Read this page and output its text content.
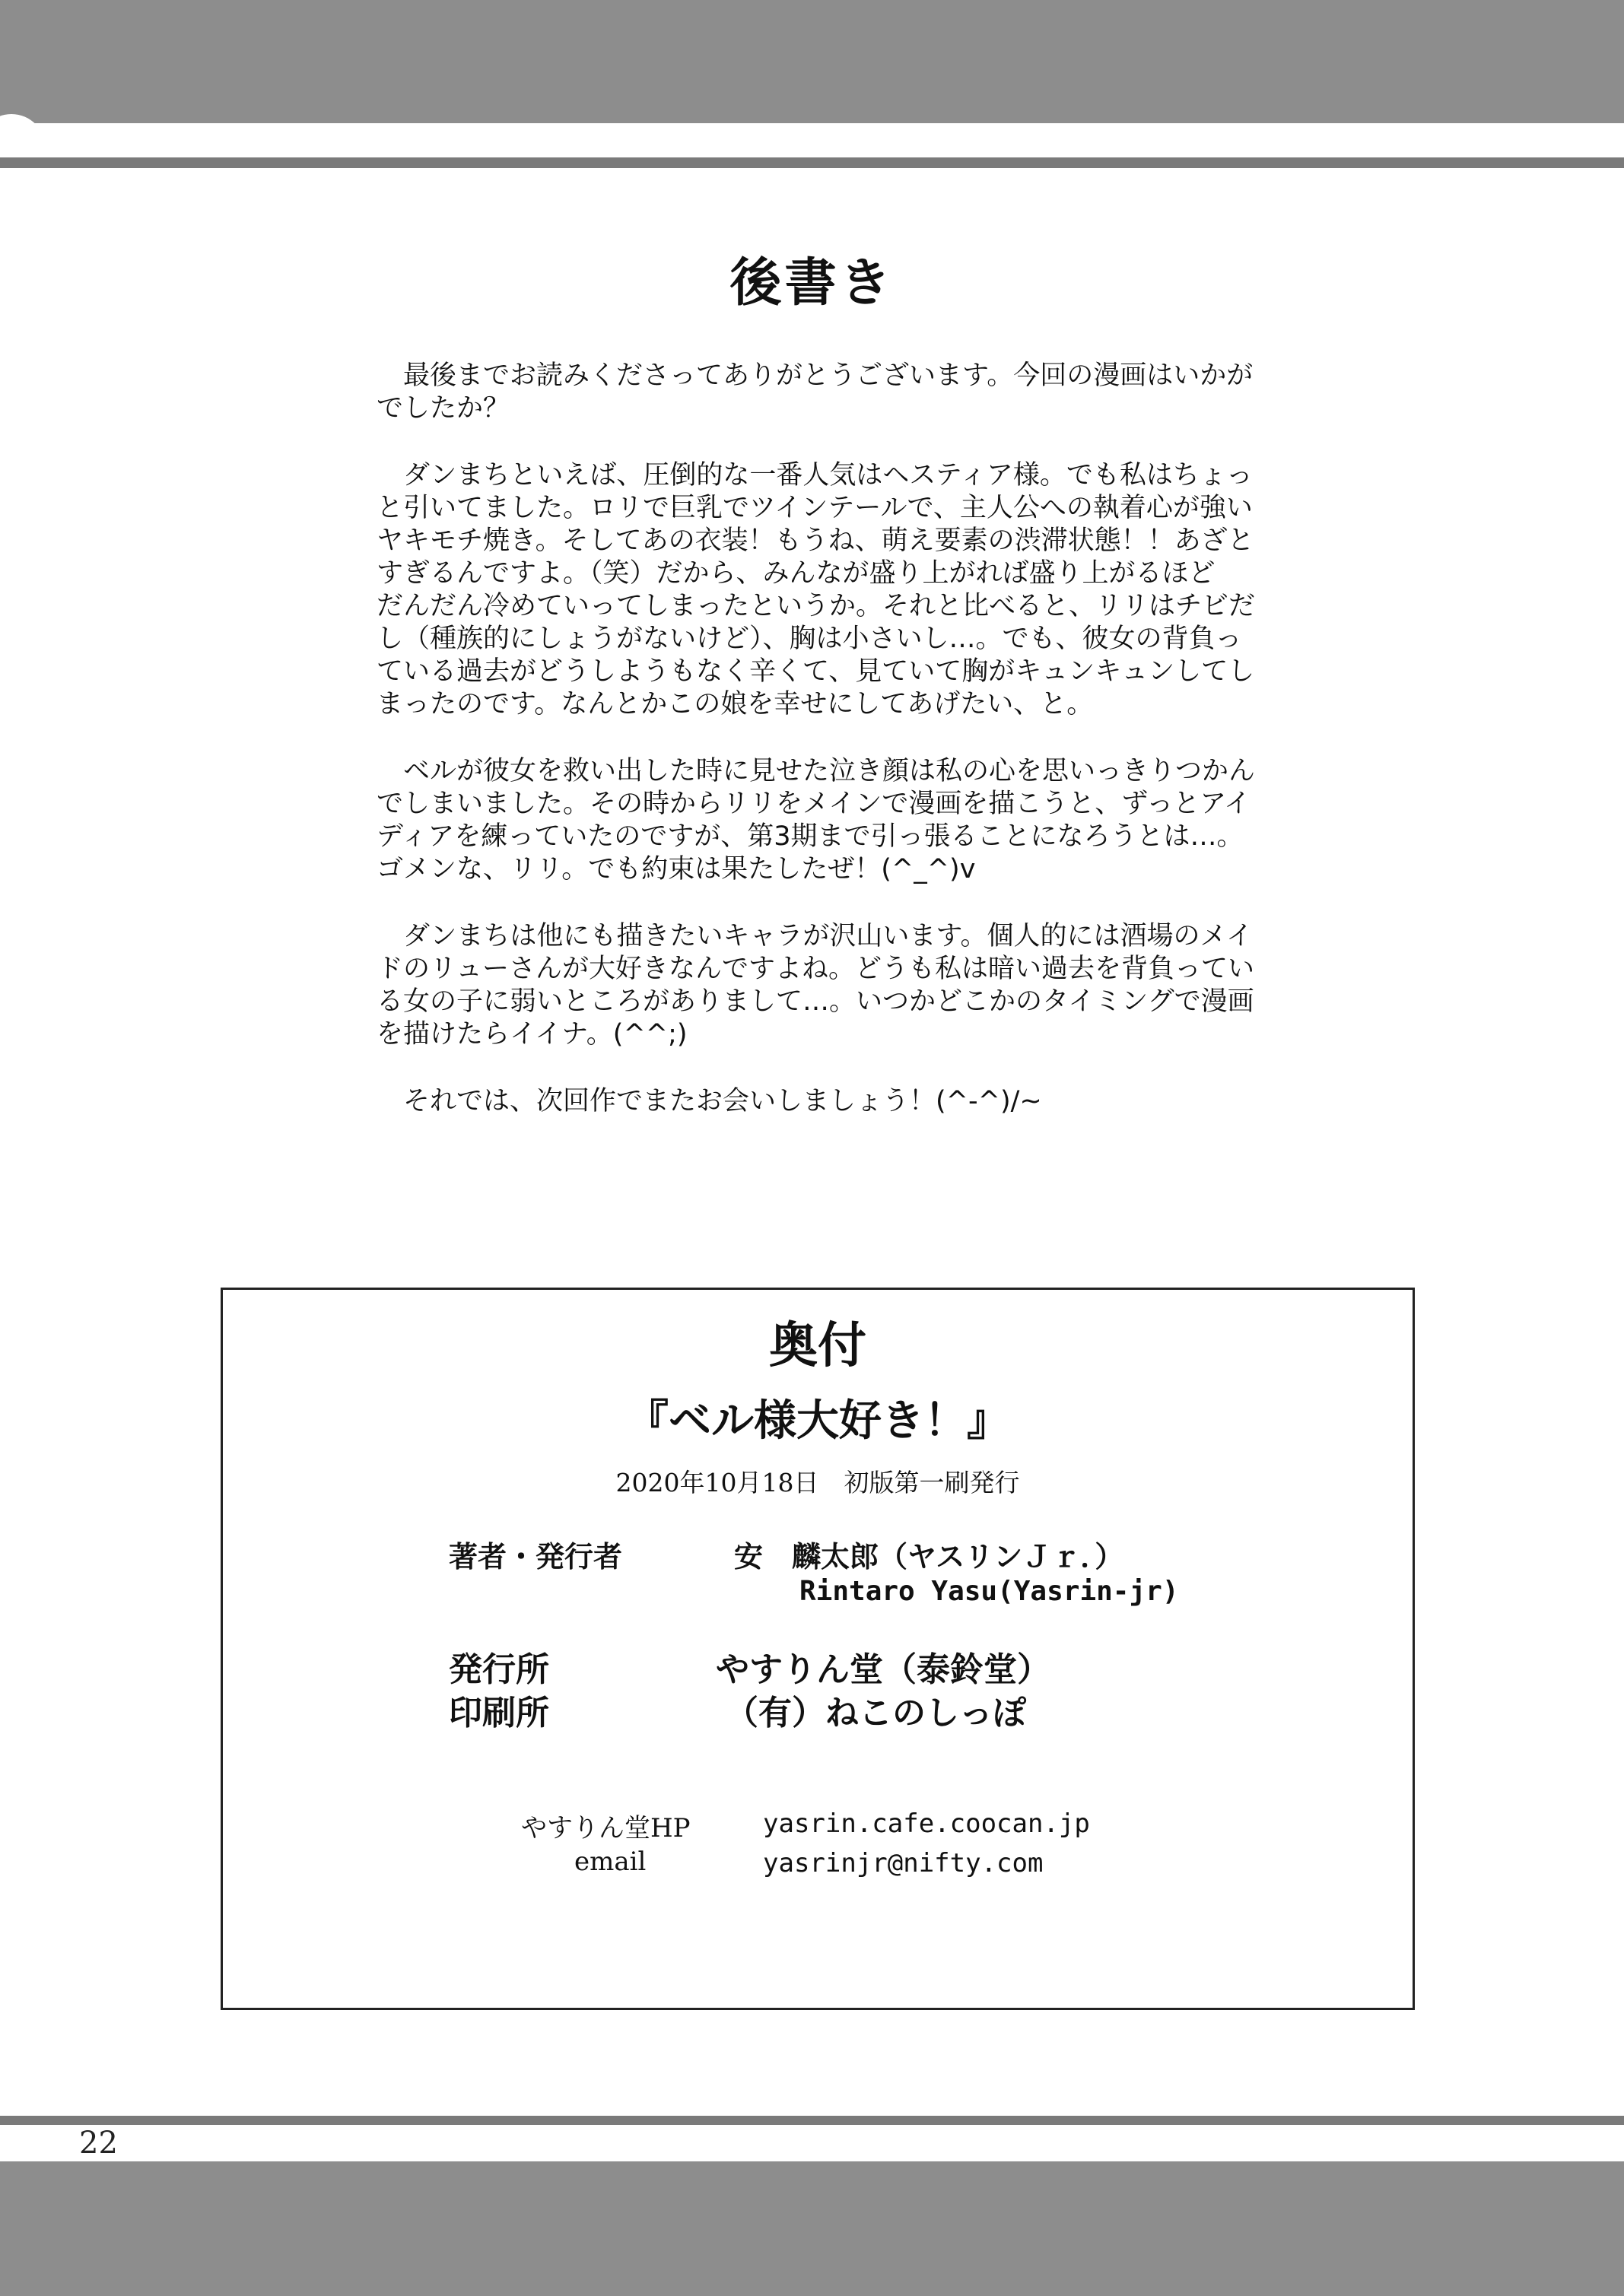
後書き

　最後までお読みくださってありがとうございます。今回の漫画はいかが
でしたか？

　ダンまちといえば、圧倒的な一番人気はヘスティア様。でも私はちょっ
と引いてました。ロリで巨乳でツインテールで、主人公への執着心が強い
ヤキモチ焼き。そしてあの衣装！もうね、萌え要素の渋滞状態！！あざと
すぎるんですよ。（笑）だから、みんなが盛り上がれば盛り上がるほど
だんだん冷めていってしまったというか。それと比べると、リリはチビだ
し（種族的にしょうがないけど）、胸は小さいし…。でも、彼女の背負っ
ている過去がどうしようもなく辛くて、見ていて胸がキュンキュンしてし
まったのです。なんとかこの娘を幸せにしてあげたい、と。

　ベルが彼女を救い出した時に見せた泣き顔は私の心を思いっきりつかん
でしまいました。その時からリリをメインで漫画を描こうと、ずっとアイ
ディアを練っていたのですが、第3期まで引っ張ることになろうとは…。
ゴメンな、リリ。でも約束は果たしたぜ！(^_^)v

　ダンまちは他にも描きたいキャラが沢山います。個人的には酒場のメイ
ドのリューさんが大好きなんですよね。どうも私は暗い過去を背負ってい
る女の子に弱いところがありまして…。いつかどこかのタイミングで漫画
を描けたらイイナ。(^^;)

　それでは、次回作でまたお会いしましょう！(^-^)/~

奥付
『ベル様大好き！』
2020年10月18日　初版第一刷発行
著者・発行者	安　麟太郎（ヤスリンＪｒ．）
Rintaro Yasu(Yasrin-jr)
発行所	やすりん堂（泰鈴堂）
印刷所	（有）ねこのしっぽ
やすりん堂HP	yasrin.cafe.coocan.jp
email	yasrinjr@nifty.com
22
